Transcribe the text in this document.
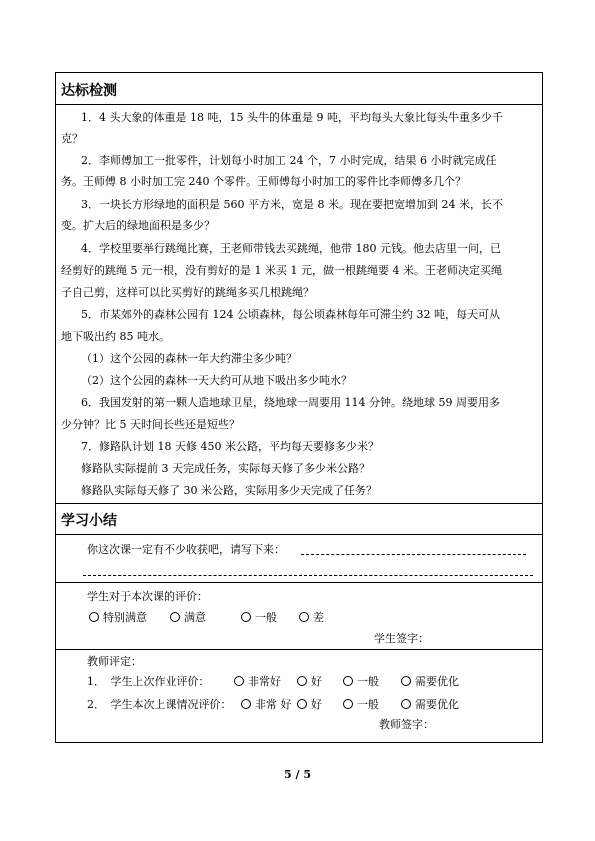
达标检测
1．4 头大象的体重是 18 吨，15 头牛的体重是 9 吨，平均每头大象比每头牛重多少千
克？
2．李师傅加工一批零件，计划每小时加工 24 个，7 小时完成，结果 6 小时就完成任
务。王师傅 8 小时加工完 240 个零件。王师傅每小时加工的零件比李师傅多几个？
3．一块长方形绿地的面积是 560 平方米，宽是 8 米。现在要把宽增加到 24 米，长不
变。扩大后的绿地面积是多少？
4．学校里要举行跳绳比赛，王老师带钱去买跳绳，他带 180 元钱。他去店里一问，已
经剪好的跳绳 5 元一根，没有剪好的是 1 米买 1 元，做一根跳绳要 4 米。王老师决定买绳
子自己剪，这样可以比买剪好的跳绳多买几根跳绳？
5．市某郊外的森林公园有 124 公顷森林，每公顷森林每年可滞尘约 32 吨，每天可从
地下吸出约 85 吨水。
（1）这个公园的森林一年大约滞尘多少吨？
（2）这个公园的森林一天大约可从地下吸出多少吨水？
6．我国发射的第一颗人造地球卫星，绕地球一周要用 114 分钟。绕地球 59 周要用多
少分钟？比 5 天时间长些还是短些？
7．修路队计划 18 天修 450 米公路，平均每天要修多少米？
修路队实际提前 3 天完成任务，实际每天修了多少米公路？
修路队实际每天修了 30 米公路，实际用多少天完成了任务？
学习小结
你这次课一定有不少收获吧，请写下来：
学生对于本次课的评价：
特别满意	满意	一般	差
学生签字：
教师评定：
1．　学生上次作业评价：	非常好	好	一般	需要优化
2．　学生本次上课情况评价：	非常 好	好	一般	需要优化
教师签字：
5 / 5
